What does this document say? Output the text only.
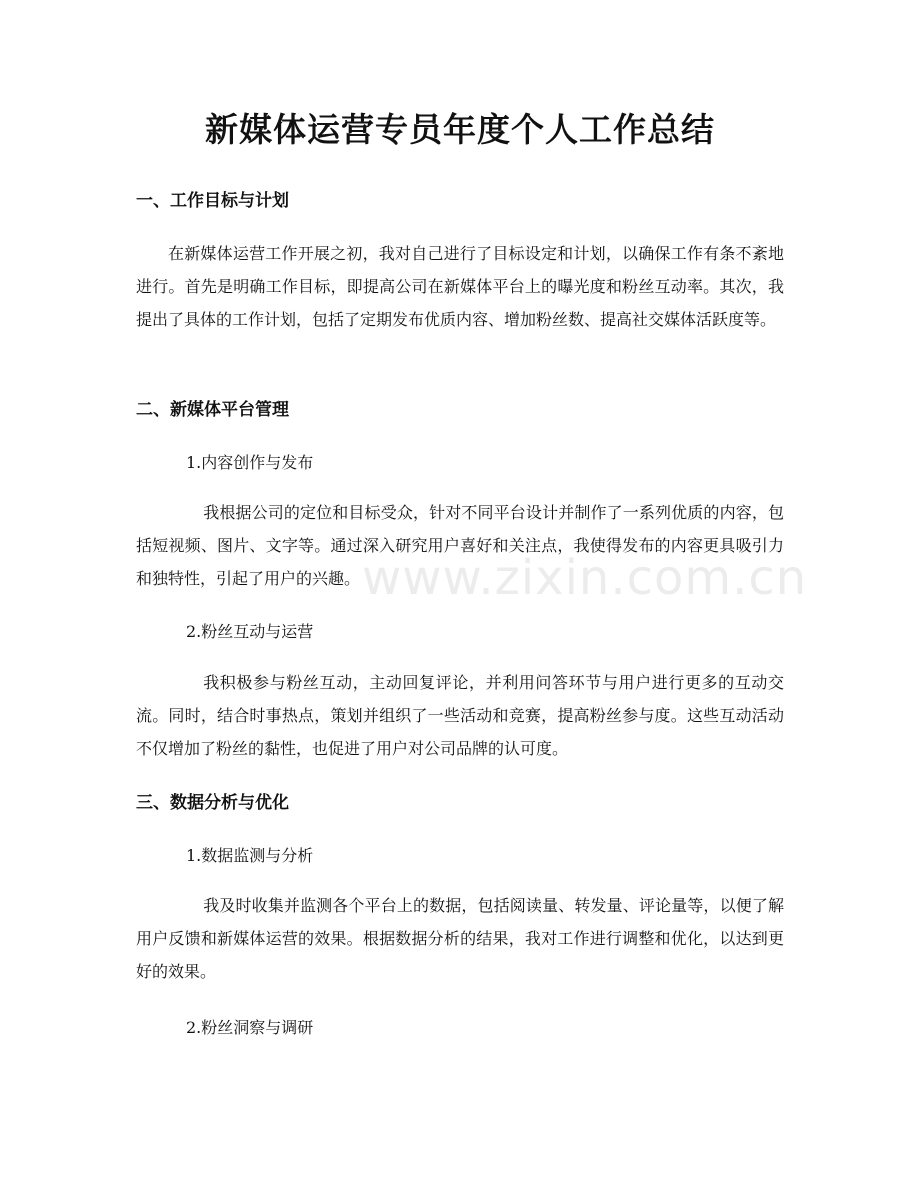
新媒体运营专员年度个人工作总结
一、工作目标与计划
在新媒体运营工作开展之初，我对自己进行了目标设定和计划，以确保工作有条不紊地进行。首先是明确工作目标，即提高公司在新媒体平台上的曝光度和粉丝互动率。其次，我提出了具体的工作计划，包括了定期发布优质内容、增加粉丝数、提高社交媒体活跃度等。
二、新媒体平台管理
1.内容创作与发布
我根据公司的定位和目标受众，针对不同平台设计并制作了一系列优质的内容，包括短视频、图片、文字等。通过深入研究用户喜好和关注点，我使得发布的内容更具吸引力和独特性，引起了用户的兴趣。
2.粉丝互动与运营
我积极参与粉丝互动，主动回复评论，并利用问答环节与用户进行更多的互动交流。同时，结合时事热点，策划并组织了一些活动和竞赛，提高粉丝参与度。这些互动活动不仅增加了粉丝的黏性，也促进了用户对公司品牌的认可度。
三、数据分析与优化
1.数据监测与分析
我及时收集并监测各个平台上的数据，包括阅读量、转发量、评论量等，以便了解用户反馈和新媒体运营的效果。根据数据分析的结果，我对工作进行调整和优化，以达到更好的效果。
2.粉丝洞察与调研
www.zixin.com.cn
